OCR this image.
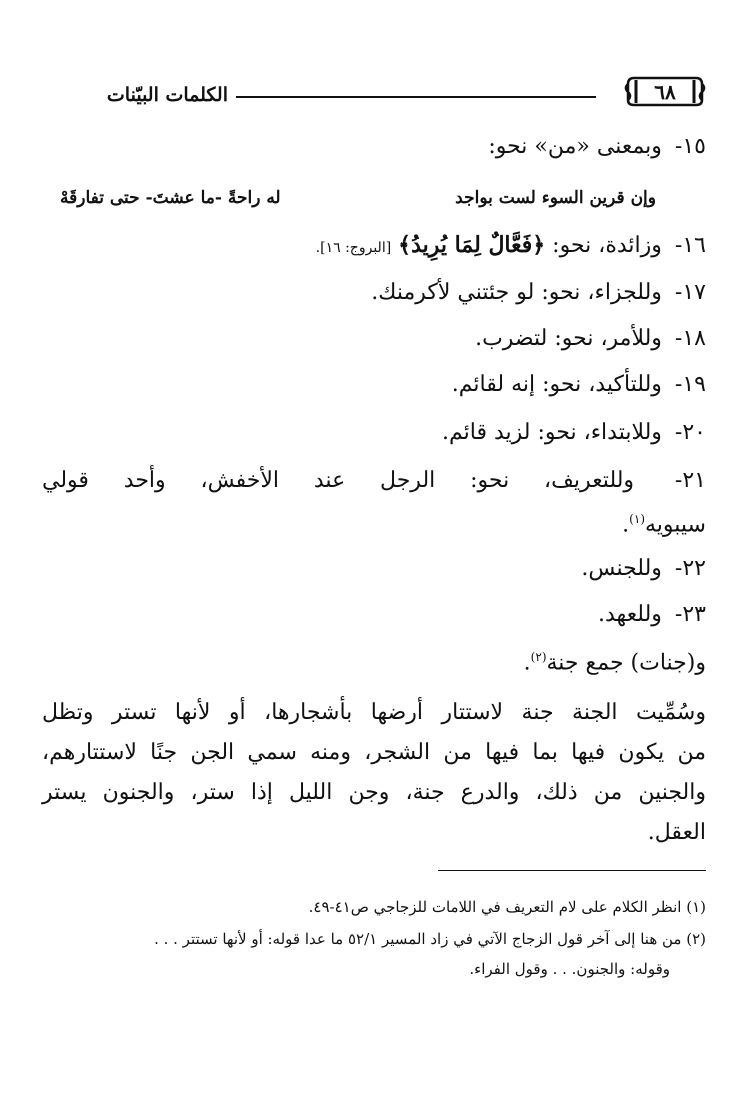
الكلمات البيّنات	٦٨
١٥- وبمعنى «من» نحو:
وإن قرين السوء لست بواجد
له راحةً -ما عشتَ- حتى تفارقَهْ
١٦- وزائدة، نحو: ﴿فَعَّالٌ لِمَا يُرِيدُ﴾ [البروج: ١٦].
١٧- وللجزاء، نحو: لو جئتني لأكرمنك.
١٨- وللأمر، نحو: لتضرب.
١٩- وللتأكيد، نحو: إنه لقائم.
٢٠- وللابتداء، نحو: لزيد قائم.
٢١- وللتعريف، نحو: الرجل عند الأخفش، وأحد قولي
سيبويه$^{(١)}$.
٢٢- وللجنس.
٢٣- وللعهد.
و(جنات) جمع جنة$^{(٢)}$.
وسُمِّيت الجنة جنة لاستتار أرضها بأشجارها، أو لأنها تستر وتظل
من يكون فيها بما فيها من الشجر، ومنه سمي الجن جنًا لاستتارهم،
والجنين من ذلك، والدرع جنة، وجن الليل إذا ستر، والجنون يستر
العقل.
(١) انظر الكلام على لام التعريف في اللامات للزجاجي ص٤١-٤٩.
(٢) من هنا إلى آخر قول الزجاج الآتي في زاد المسير ٥٢/١ ما عدا قوله: أو لأنها تستتر . . .
وقوله: والجنون. . . وقول الفراء.
